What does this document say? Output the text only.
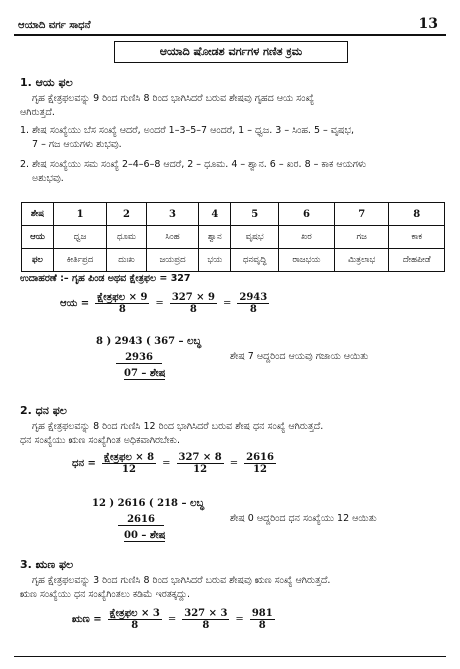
ಆಯಾದಿ ವರ್ಗ ಸಾಧನೆ	13
ಆಯಾದಿ ಷೋಡಶ ವರ್ಗಗಳ ಗಣಿತ ಕ್ರಮ
1. ಆಯ ಫಲ
ಗೃಹ ಕ್ಷೇತ್ರಫಲವನ್ನು 9 ರಿಂದ ಗುಣಿಸಿ 8 ರಿಂದ ಭಾಗಿಸಿದರೆ ಬರುವ ಶೇಷವು ಗೃಹದ ಆಯ ಸಂಖ್ಯೆ
ಆಗಿರುತ್ತದೆ.
1. ಶೇಷ ಸಂಖ್ಯೆಯು ಬೆಸ ಸಂಖ್ಯೆ ಆದರೆ, ಅಂದರೆ 1–3–5–7 ಆಂದರೆ, 1 – ಧ್ವಜ. 3 – ಸಿಂಹ. 5 – ವೃಷಭ,
7 – ಗಜ ಆಯಗಳು ಶುಭವು.
2. ಶೇಷ ಸಂಖ್ಯೆಯು ಸಮ ಸಂಖ್ಯೆ 2–4–6–8 ಆದರೆ, 2 – ಧೂಮ. 4 – ಶ್ವಾನ. 6 – ಖರ. 8 – ಕಾಕ ಆಯಗಳು
ಅಶುಭವು.
ಶೇಷ	1	2	3	4	5	6	7	8
ಆಯ	ಧ್ವಜ	ಧೂಮ	ಸಿಂಹ	ಶ್ವಾನ	ವೃಷಭ	ಖರ	ಗಜ	ಕಾಕ
ಫಲ	ಕೀರ್ತಿಪ್ರದ	ದುಃಖ	ಜಯಪ್ರದ	ಭಯ	ಧನವೃದ್ಧಿ	ರಾಜಭಯ	ಮಿತ್ರಲಾಭ	ದೇಹಪೀಡೆ
ಉದಾಹರಣೆ :– ಗೃಹ ಪಿಂಡ ಅಥವ ಕ್ಷೇತ್ರಫಲ = 327
ಆಯ = $\frac{\text{ಕ್ಷೇತ್ರಫಲ × 9}}{8} = \frac{327 \times 9}{8} = \frac{2943}{8}$
8 ) 2943 ( 367 – ಲಬ್ಧ
2936
07 – ಶೇಷ
ಶೇಷ 7 ಆದ್ದರಿಂದ ಆಯವು ಗಜಾಯ ಆಯಿತು
2. ಧನ ಫಲ
ಗೃಹ ಕ್ಷೇತ್ರಫಲವನ್ನು 8 ರಿಂದ ಗುಣಿಸಿ 12 ರಿಂದ ಭಾಗಿಸಿದರೆ ಬರುವ ಶೇಷ ಧನ ಸಂಖ್ಯೆ ಆಗಿರುತ್ತದೆ.
ಧನ ಸಂಖ್ಯೆಯು ಋಣ ಸಂಖ್ಯೆಗಿಂತ ಅಧಿಕವಾಗಿರಬೇಕು.
ಧನ = $\frac{\text{ಕ್ಷೇತ್ರಫಲ × 8}}{12} = \frac{327 \times 8}{12} = \frac{2616}{12}$
12 ) 2616 ( 218 – ಲಬ್ಧ
2616
00 – ಶೇಷ
ಶೇಷ 0 ಆದ್ದರಿಂದ ಧನ ಸಂಖ್ಯೆಯು 12 ಆಯಿತು
3. ಋಣ ಫಲ
ಗೃಹ ಕ್ಷೇತ್ರಫಲವನ್ನು 3 ರಿಂದ ಗುಣಿಸಿ 8 ರಿಂದ ಭಾಗಿಸಿದರೆ ಬರುವ ಶೇಷವು ಋಣ ಸಂಖ್ಯೆ ಆಗಿರುತ್ತದೆ.
ಋಣ ಸಂಖ್ಯೆಯು ಧನ ಸಂಖ್ಯೆಗಿಂತಲು ಕಡಿಮೆ ಇರತಕ್ಕದ್ದು.
ಋಣ = $\frac{\text{ಕ್ಷೇತ್ರಫಲ × 3}}{8} = \frac{327 \times 3}{8} = \frac{981}{8}$
